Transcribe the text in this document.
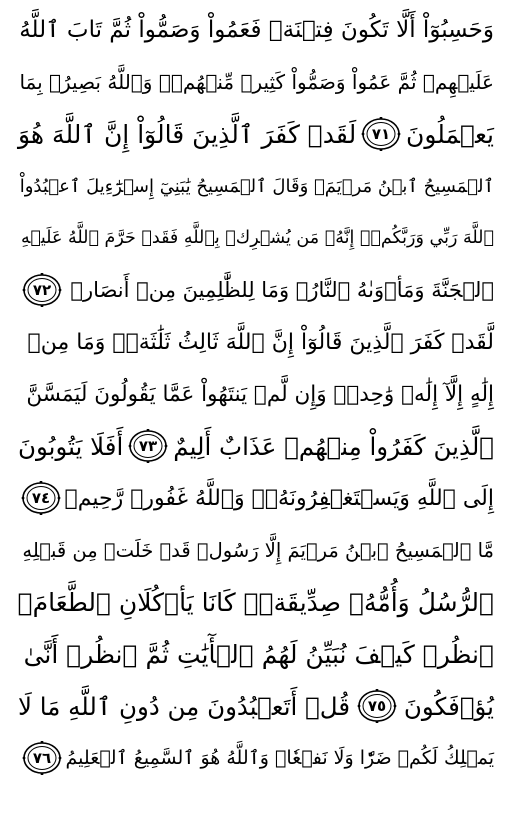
وَحَسِبُوٓاْ أَلَّا تَكُونَ فِتۡنَةٞ فَعَمُواْ وَصَمُّواْ ثُمَّ تَابَ ٱللَّهُ
عَلَيۡهِمۡ ثُمَّ عَمُواْ وَصَمُّواْ كَثِيرٞ مِّنۡهُمۡۚ وَٱللَّهُ بَصِيرُۢ بِمَا
يَعۡمَلُونَ
٧١
لَقَدۡ كَفَرَ ٱلَّذِينَ قَالُوٓاْ إِنَّ ٱللَّهَ هُوَ
ٱلۡمَسِيحُ ٱبۡنُ مَرۡيَمَۖ وَقَالَ ٱلۡمَسِيحُ يَٰبَنِيٓ إِسۡرَٰٓءِيلَ ٱعۡبُدُواْ
ٱللَّهَ رَبِّي وَرَبَّكُمۡۖ إِنَّهُۥ مَن يُشۡرِكۡ بِٱللَّهِ فَقَدۡ حَرَّمَ ٱللَّهُ عَلَيۡهِ
ٱلۡجَنَّةَ وَمَأۡوَىٰهُ ٱلنَّارُۖ وَمَا لِلظَّٰلِمِينَ مِنۡ أَنصَارٖ
٧٢
لَّقَدۡ كَفَرَ ٱلَّذِينَ قَالُوٓاْ إِنَّ ٱللَّهَ ثَالِثُ ثَلَٰثَةٖۘ وَمَا مِنۡ
إِلَٰهٍ إِلَّآ إِلَٰهٞ وَٰحِدٞۚ وَإِن لَّمۡ يَنتَهُواْ عَمَّا يَقُولُونَ لَيَمَسَّنَّ
ٱلَّذِينَ كَفَرُواْ مِنۡهُمۡ عَذَابٌ أَلِيمٌ
٧٣
أَفَلَا يَتُوبُونَ
إِلَى ٱللَّهِ وَيَسۡتَغۡفِرُونَهُۥۚ وَٱللَّهُ غَفُورٞ رَّحِيمٞ
٧٤
مَّا ٱلۡمَسِيحُ ٱبۡنُ مَرۡيَمَ إِلَّا رَسُولٞ قَدۡ خَلَتۡ مِن قَبۡلِهِ
ٱلرُّسُلُ وَأُمُّهُۥ صِدِّيقَةٞۖ كَانَا يَأۡكُلَانِ ٱلطَّعَامَۗ
ٱنظُرۡ كَيۡفَ نُبَيِّنُ لَهُمُ ٱلۡأٓيَٰتِ ثُمَّ ٱنظُرۡ أَنَّىٰ
يُؤۡفَكُونَ
٧٥
قُلۡ أَتَعۡبُدُونَ مِن دُونِ ٱللَّهِ مَا لَا
يَمۡلِكُ لَكُمۡ ضَرّٗا وَلَا نَفۡعٗاۚ وَٱللَّهُ هُوَ ٱلسَّمِيعُ ٱلۡعَلِيمُ
٧٦
